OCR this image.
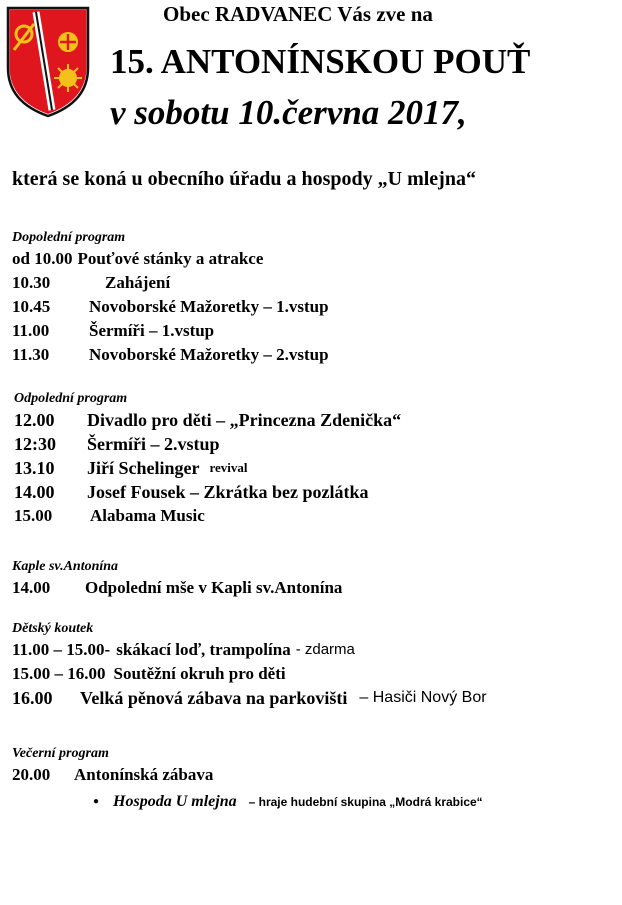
Obec RADVANEC Vás zve na
15. ANTONÍNSKOU POUŤ
v sobotu 10.června 2017,
která se koná u obecního úřadu a hospody „U mlejna“
Dopolední program
od 10.00 Pouťové stánky a atrakce
10.30	Zahájení
10.45	Novoborské Mažoretky – 1.vstup
11.00	Šermíři – 1.vstup
11.30	Novoborské Mažoretky – 2.vstup
Odpolední program
12.00	Divadlo pro děti – „Princezna Zdenička“
12:30	Šermíři – 2.vstup
13.10	Jiří Schelinger revival
14.00	Josef Fousek – Zkrátka bez pozlátka
15.00	Alabama Music
Kaple sv.Antonína
14.00	Odpolední mše v Kapli sv.Antonína
Dětský koutek
11.00 – 15.00- skákací loď, trampolína - zdarma
15.00 – 16.00 Soutěžní okruh pro děti
16.00	Velká pěnová zábava na parkovišti – Hasiči Nový Bor
Večerní program
20.00	Antonínská zábava
● Hospoda U mlejna – hraje hudební skupina „Modrá krabice“
